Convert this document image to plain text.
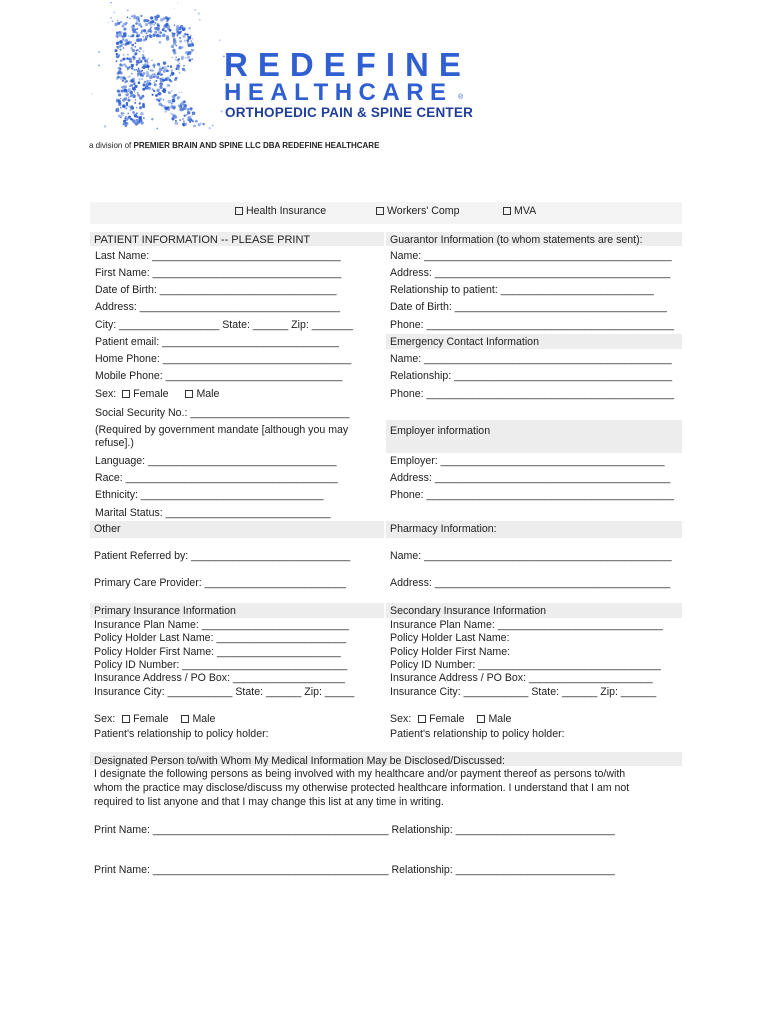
REDEFINE
HEALTHCARE ®
ORTHOPEDIC PAIN & SPINE CENTER
a division of PREMIER BRAIN AND SPINE LLC DBA REDEFINE HEALTHCARE
Health Insurance	Workers' Comp	MVA
PATIENT INFORMATION -- PLEASE PRINT
Last Name: ________________________________
First Name: ________________________________
Date of Birth: ______________________________
Address: __________________________________
City: _________________ State: ______ Zip: _______
Patient email: ______________________________
Home Phone: ________________________________
Mobile Phone: ______________________________
Sex: Female	Male
Social Security No.: ___________________________
(Required by government mandate [although you may
refuse].)
Language: ________________________________
Race: ____________________________________
Ethnicity: _______________________________
Marital Status: ____________________________
Other
Patient Referred by: ___________________________
Primary Care Provider: ________________________
Primary Insurance Information
Insurance Plan Name: _________________________
Policy Holder Last Name: ______________________
Policy Holder First Name: _____________________
Policy ID Number: ____________________________
Insurance Address / PO Box: ___________________
Insurance City: ___________ State: ______ Zip: _____
Sex: Female Male
Patient's relationship to policy holder:
Guarantor Information (to whom statements are sent):
Name: __________________________________________
Address: ________________________________________
Relationship to patient: __________________________
Date of Birth: ____________________________________
Phone: __________________________________________
Emergency Contact Information
Name: __________________________________________
Relationship: _____________________________________
Phone: __________________________________________
Employer information
Employer: ______________________________________
Address: ________________________________________
Phone: __________________________________________
Pharmacy Information:
Name: __________________________________________
Address: ________________________________________
Secondary Insurance Information
Insurance Plan Name: ____________________________
Policy Holder Last Name:
Policy Holder First Name:
Policy ID Number: _______________________________
Insurance Address / PO Box: _____________________
Insurance City: ___________ State: ______ Zip: ______
Sex: Female Male
Patient's relationship to policy holder:
Designated Person to/with Whom My Medical Information May be Disclosed/Discussed:
I designate the following persons as being involved with my healthcare and/or payment thereof as persons to/with
whom the practice may disclose/discuss my otherwise protected healthcare information. I understand that I am not
required to list anyone and that I may change this list at any time in writing.
Print Name: ________________________________________ Relationship: ___________________________
Print Name: ________________________________________ Relationship: ___________________________
